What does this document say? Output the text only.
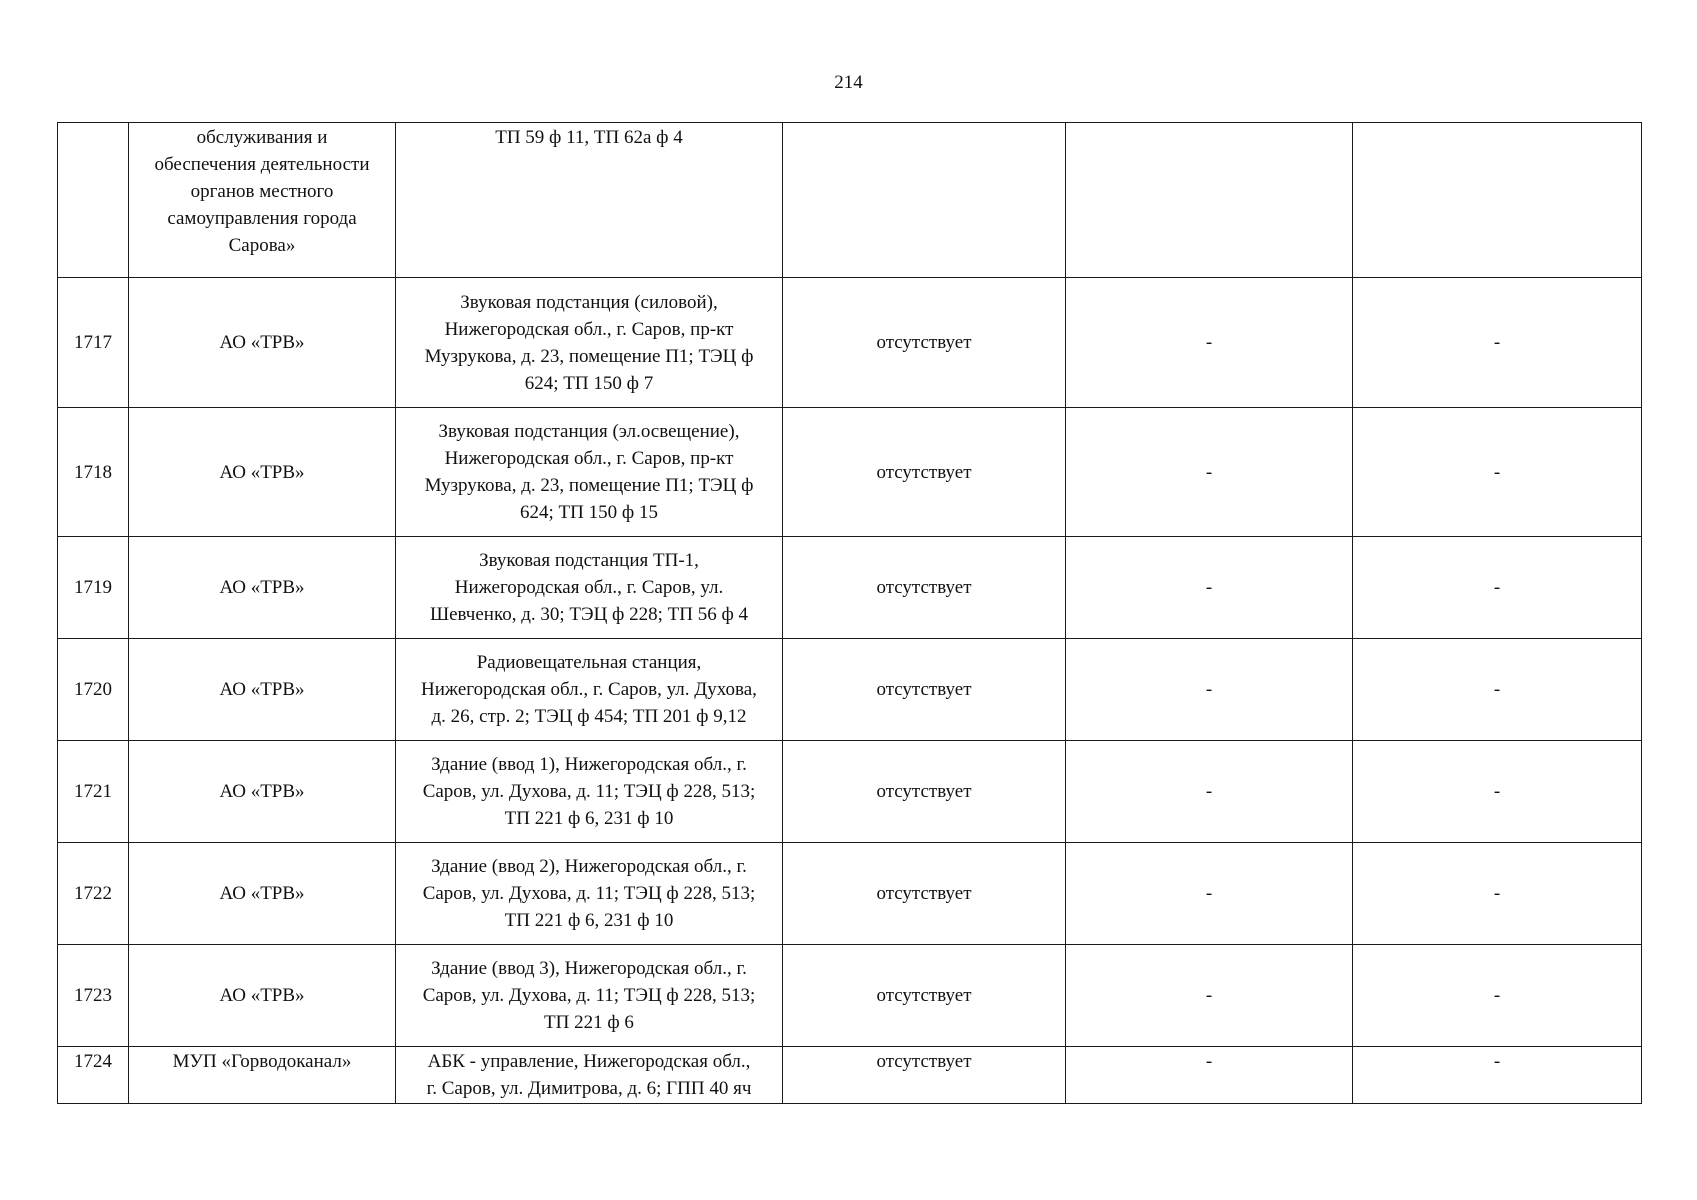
214
	обслуживания и
обеспечения деятельности
органов местного
самоуправления города
Сарова»	ТП 59 ф 11, ТП 62а ф 4			
1717	АО «ТРВ»	Звуковая подстанция (силовой),
Нижегородская обл., г. Саров, пр-кт
Музрукова, д. 23, помещение П1; ТЭЦ ф
624; ТП 150 ф 7	отсутствует	-	-
1718	АО «ТРВ»	Звуковая подстанция (эл.освещение),
Нижегородская обл., г. Саров, пр-кт
Музрукова, д. 23, помещение П1; ТЭЦ ф
624; ТП 150 ф 15	отсутствует	-	-
1719	АО «ТРВ»	Звуковая подстанция ТП-1,
Нижегородская обл., г. Саров, ул.
Шевченко, д. 30; ТЭЦ ф 228; ТП 56 ф 4	отсутствует	-	-
1720	АО «ТРВ»	Радиовещательная станция,
Нижегородская обл., г. Саров, ул. Духова,
д. 26, стр. 2; ТЭЦ ф 454; ТП 201 ф 9,12	отсутствует	-	-
1721	АО «ТРВ»	Здание (ввод 1), Нижегородская обл., г.
Саров, ул. Духова, д. 11; ТЭЦ ф 228, 513;
ТП 221 ф 6, 231 ф 10	отсутствует	-	-
1722	АО «ТРВ»	Здание (ввод 2), Нижегородская обл., г.
Саров, ул. Духова, д. 11; ТЭЦ ф 228, 513;
ТП 221 ф 6, 231 ф 10	отсутствует	-	-
1723	АО «ТРВ»	Здание (ввод 3), Нижегородская обл., г.
Саров, ул. Духова, д. 11; ТЭЦ ф 228, 513;
ТП 221 ф 6	отсутствует	-	-
1724	МУП «Горводоканал»	АБК - управление, Нижегородская обл.,
г. Саров, ул. Димитрова, д. 6; ГПП 40 яч	отсутствует	-	-
